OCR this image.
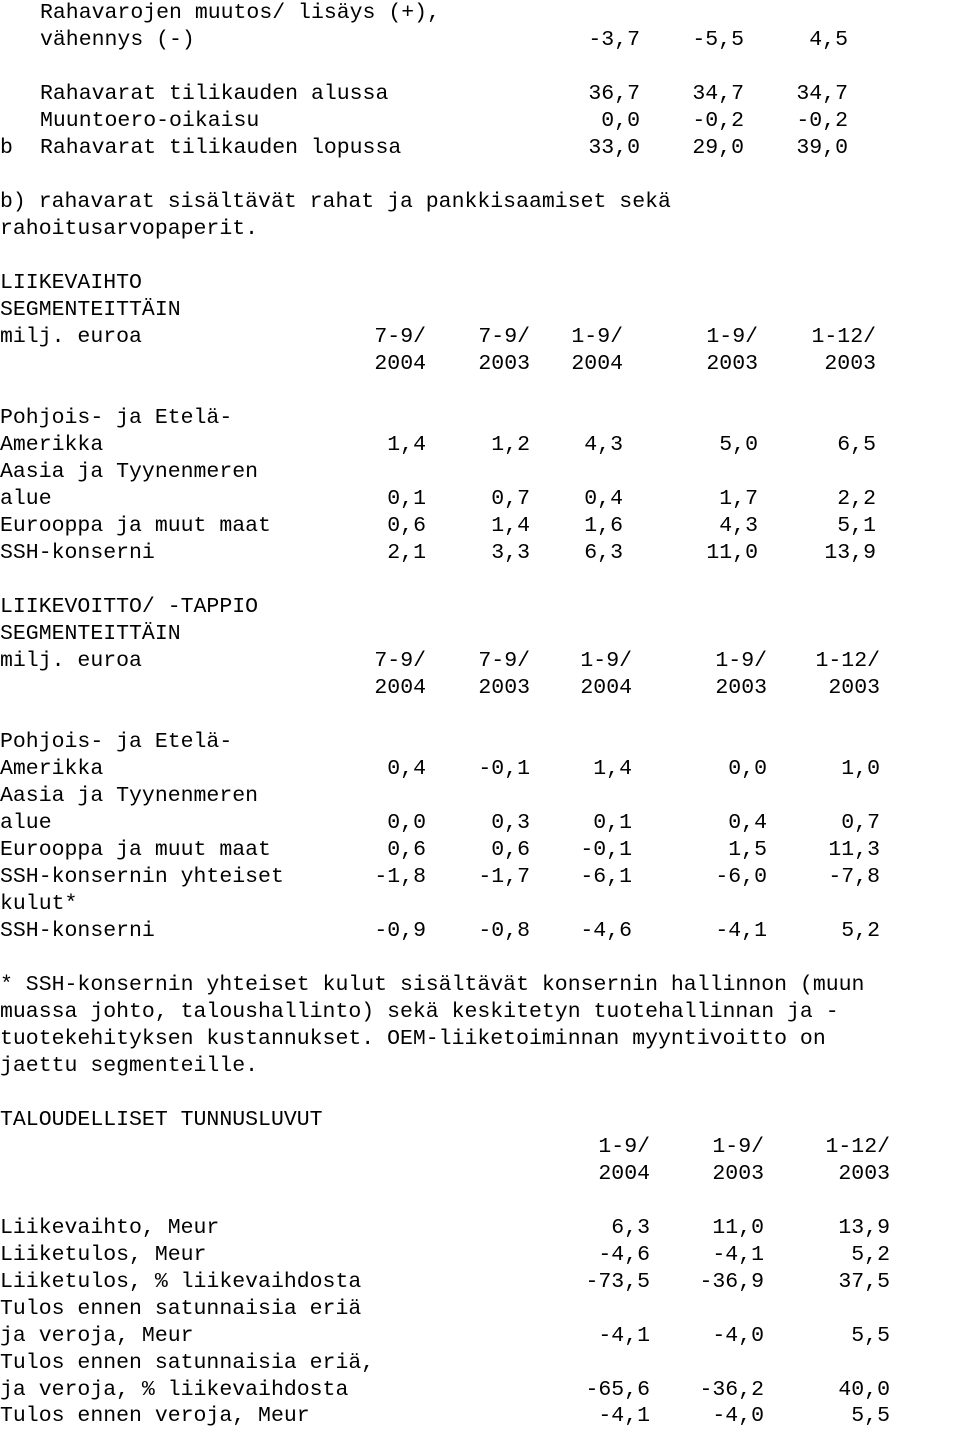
Rahavarojen muutos/ lisäys (+),
vähennys (-)	-3,7 -5,5	4,5
Rahavarat tilikauden alussa	36,7 34,7 34,7
Muuntoero-oikaisu	0,0 -0,2 -0,2
b Rahavarat tilikauden lopussa	33,0 29,0 39,0
b) rahavarat sisältävät rahat ja pankkisaamiset sekä
rahoitusarvopaperit.
LIIKEVAIHTO
SEGMENTEITTÄIN
milj. euroa	7-9/ 7-9/ 1-9/	1-9/ 1-12/
2004 2003 2004	2003	2003
Pohjois- ja Etelä-
Amerikka	1,4	1,2	4,3	5,0	6,5
Aasia ja Tyynenmeren
alue	0,1	0,7	0,4	1,7	2,2
Eurooppa ja muut maat	0,6	1,4	1,6	4,3	5,1
SSH-konserni	2,1	3,3	6,3	11,0	13,9
LIIKEVOITTO/ -TAPPIO
SEGMENTEITTÄIN
milj. euroa	7-9/ 7-9/ 1-9/	1-9/ 1-12/
2004 2003 2004	2003	2003
Pohjois- ja Etelä-
Amerikka	0,4 -0,1	1,4	0,0	1,0
Aasia ja Tyynenmeren
alue	0,0	0,3	0,1	0,4	0,7
Eurooppa ja muut maat	0,6	0,6 -0,1	1,5	11,3
SSH-konsernin yhteiset	-1,8 -1,7 -6,1	-6,0	-7,8
kulut*
SSH-konserni	-0,9 -0,8 -4,6	-4,1	5,2
* SSH-konsernin yhteiset kulut sisältävät konsernin hallinnon (muun
muassa johto, taloushallinto) sekä keskitetyn tuotehallinnan ja -
tuotekehityksen kustannukset. OEM-liiketoiminnan myyntivoitto on
jaettu segmenteille.
TALOUDELLISET TUNNUSLUVUT
1-9/	1-9/	1-12/
2004	2003	2003
Liikevaihto, Meur	6,3	11,0	13,9
Liiketulos, Meur	-4,6	-4,1	5,2
Liiketulos, % liikevaihdosta	-73,5 -36,9	37,5
Tulos ennen satunnaisia eriä
ja veroja, Meur	-4,1	-4,0	5,5
Tulos ennen satunnaisia eriä,
ja veroja, % liikevaihdosta	-65,6 -36,2	40,0
Tulos ennen veroja, Meur	-4,1	-4,0	5,5
